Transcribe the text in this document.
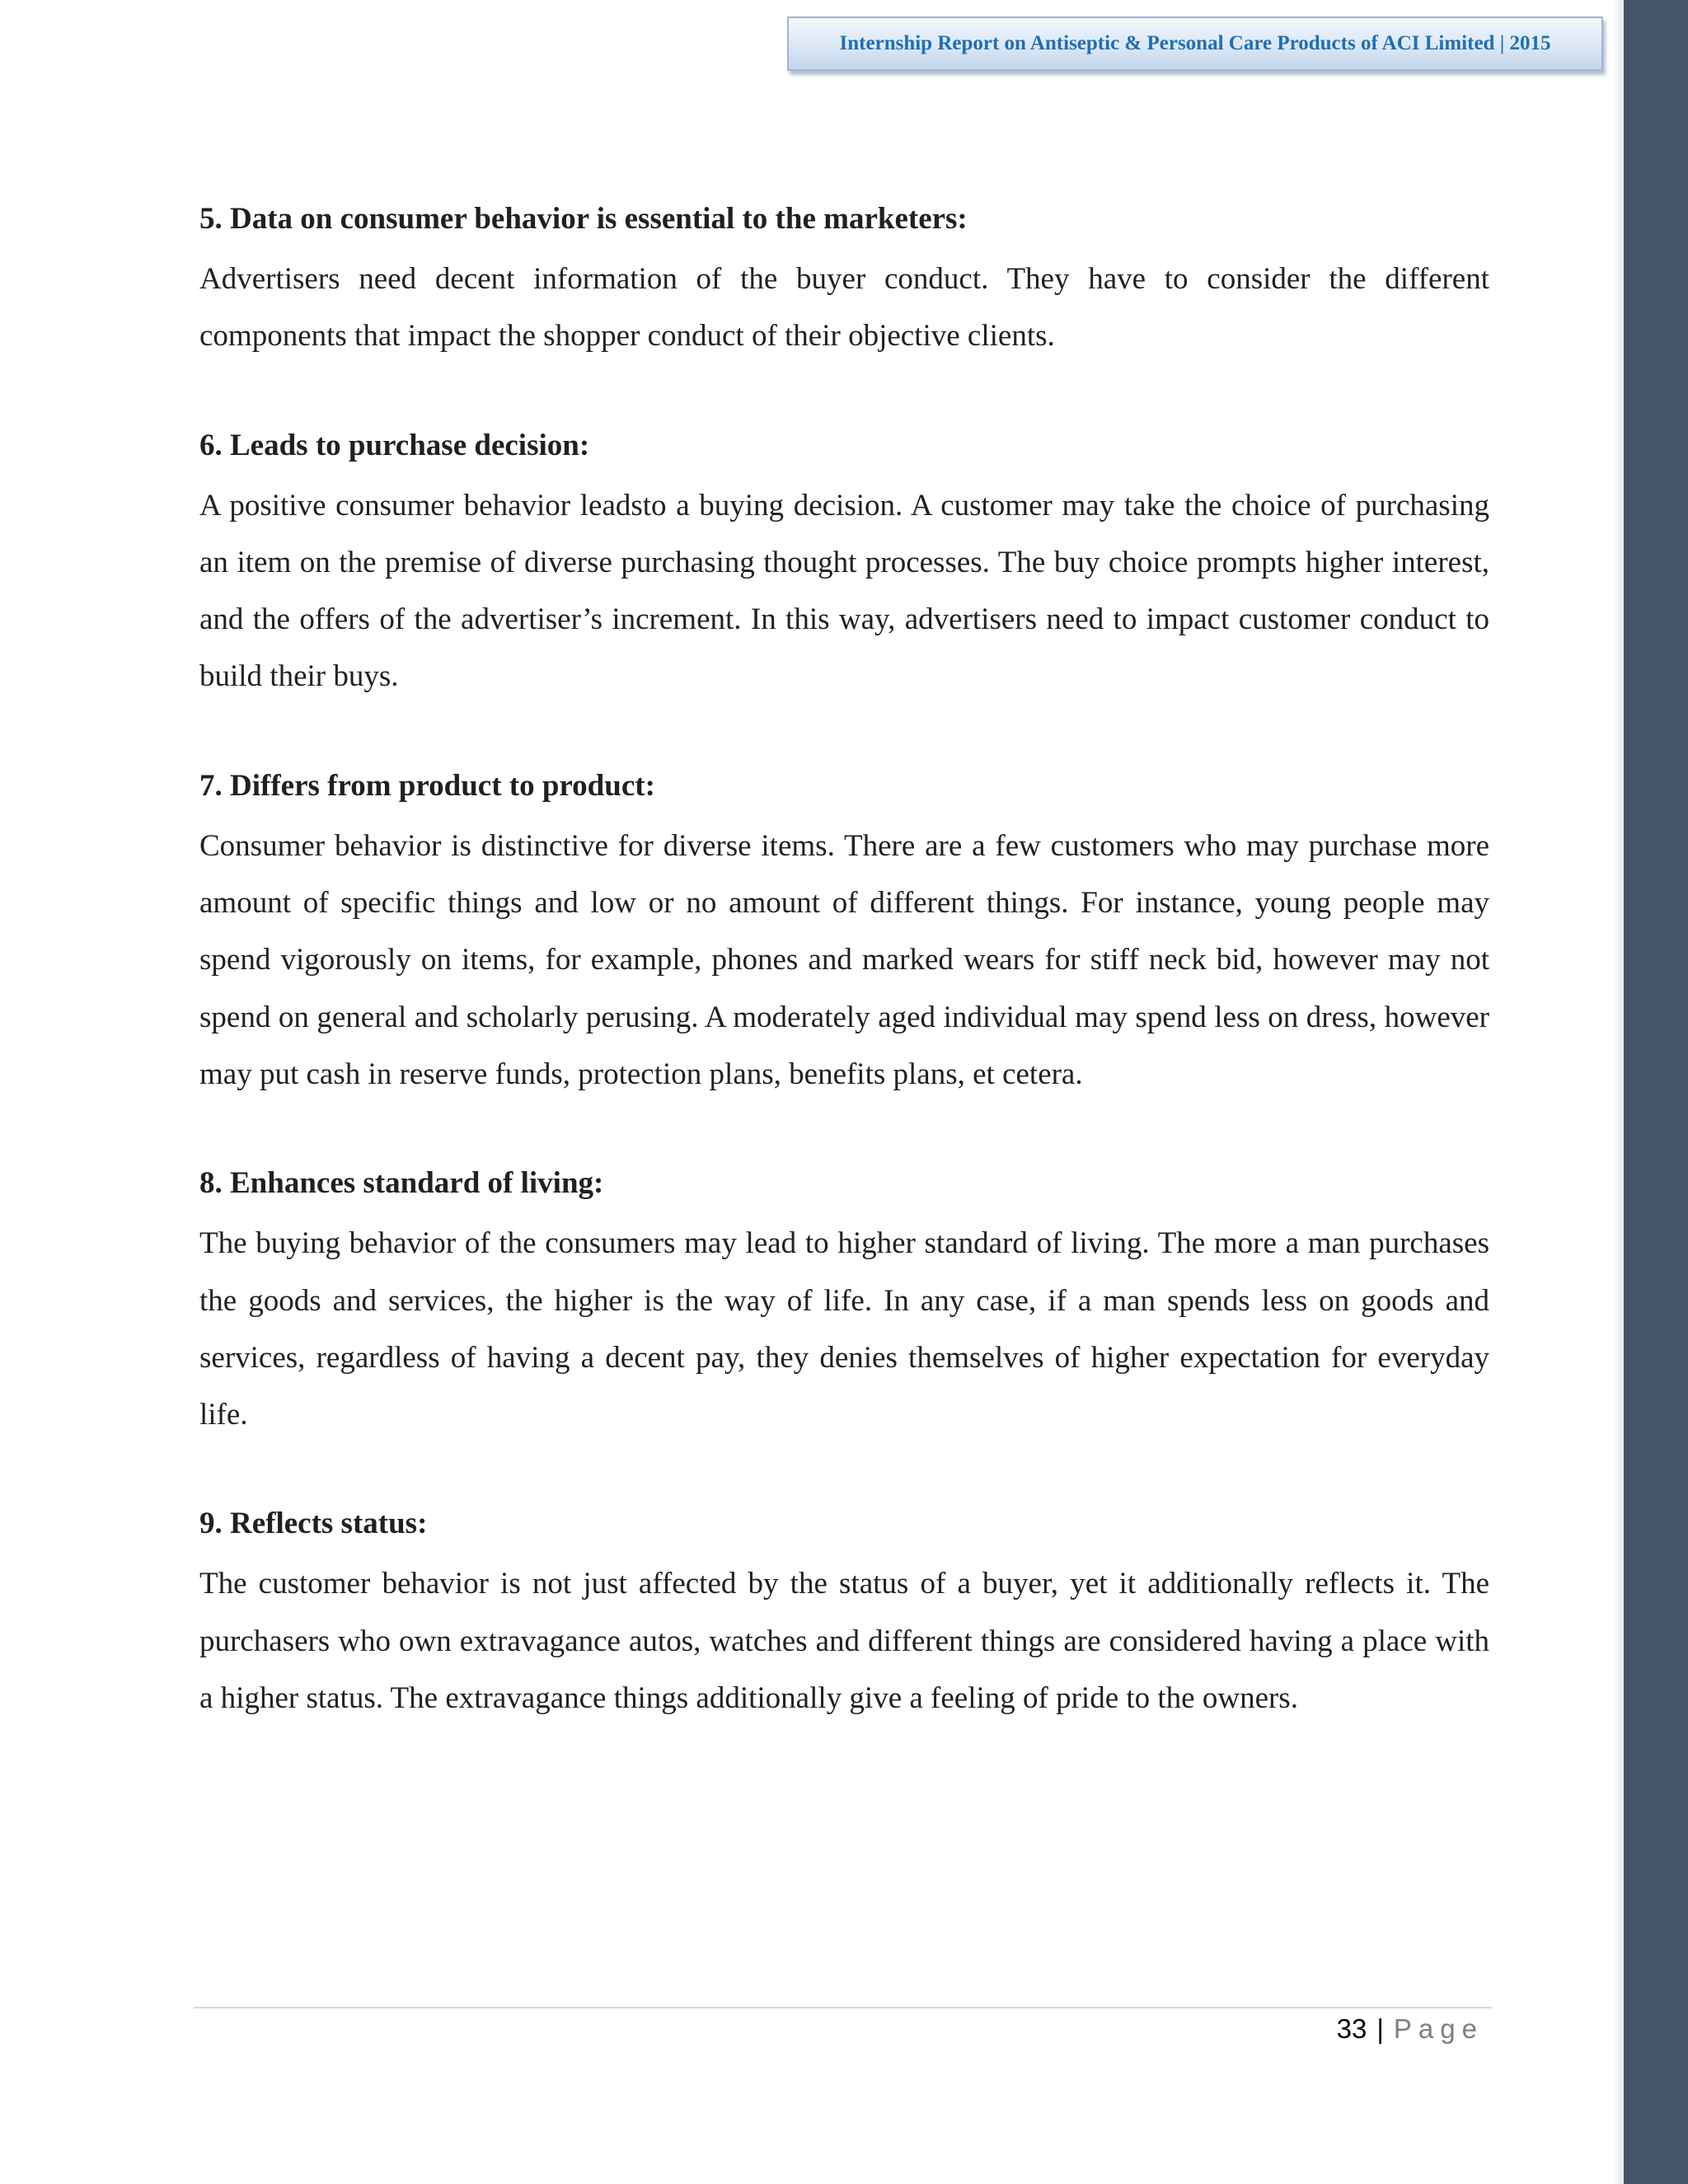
Internship Report on Antiseptic & Personal Care Products of ACI Limited | 2015

5. Data on consumer behavior is essential to the marketers:

Advertisers need decent information of the buyer conduct. They have to consider the different components that impact the shopper conduct of their objective clients.

6. Leads to purchase decision:

A positive consumer behavior leadsto a buying decision. A customer may take the choice of purchasing an item on the premise of diverse purchasing thought processes. The buy choice prompts higher interest, and the offers of the advertiser’s increment. In this way, advertisers need to impact customer conduct to build their buys.

7. Differs from product to product:

Consumer behavior is distinctive for diverse items. There are a few customers who may purchase more amount of specific things and low or no amount of different things. For instance, young people may spend vigorously on items, for example, phones and marked wears for stiff neck bid, however may not spend on general and scholarly perusing. A moderately aged individual may spend less on dress, however may put cash in reserve funds, protection plans, benefits plans, et cetera.

8. Enhances standard of living:

The buying behavior of the consumers may lead to higher standard of living. The more a man purchases the goods and services, the higher is the way of life. In any case, if a man spends less on goods and services, regardless of having a decent pay, they denies themselves of higher expectation for everyday life.

9. Reflects status:

The customer behavior is not just affected by the status of a buyer, yet it additionally reflects it. The purchasers who own extravagance autos, watches and different things are considered having a place with a higher status. The extravagance things additionally give a feeling of pride to the owners.

33 | Page
